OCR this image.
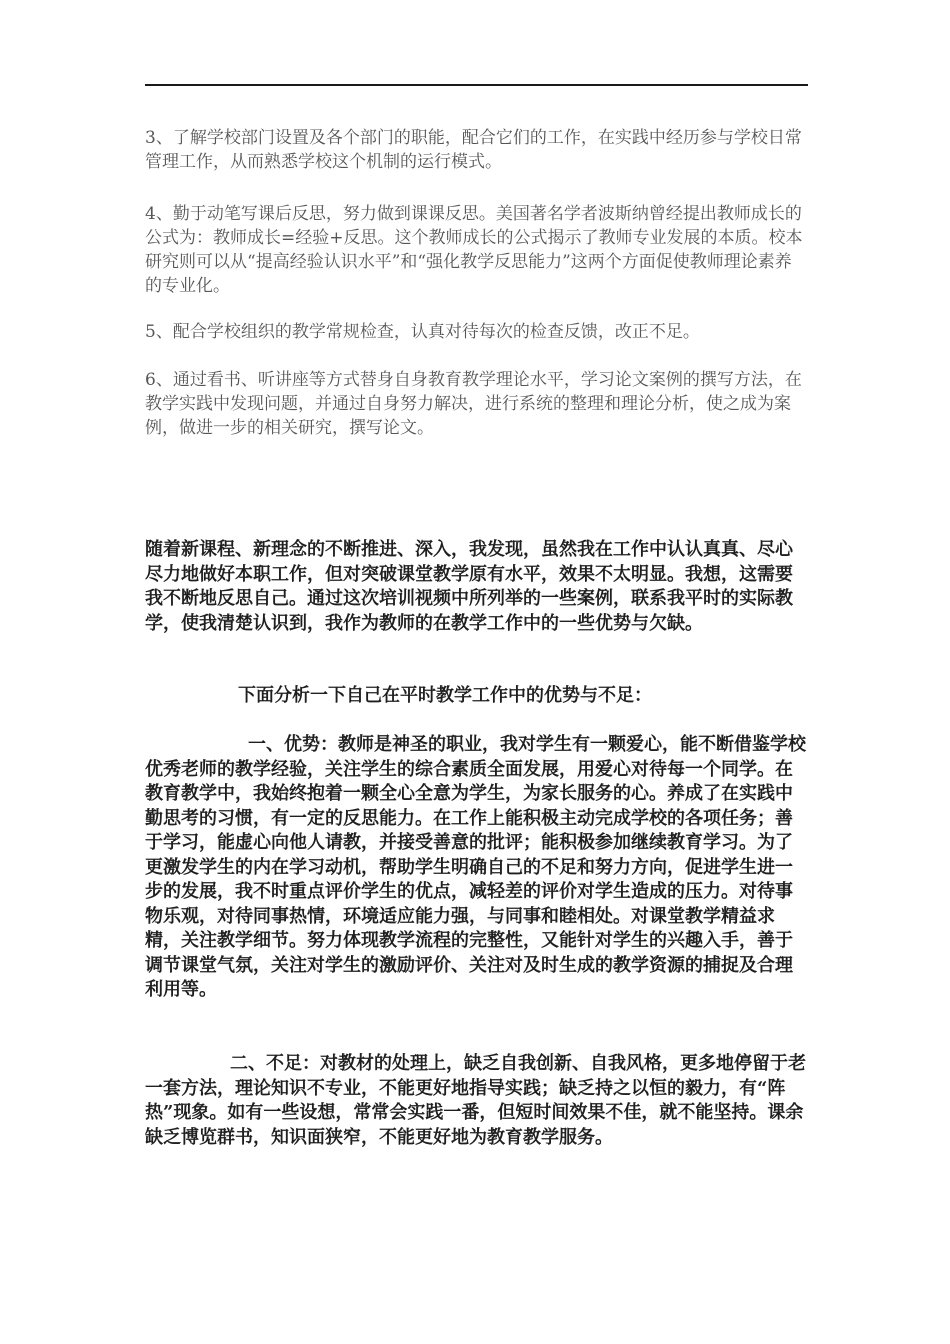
3、了解学校部门设置及各个部门的职能，配合它们的工作，在实践中经历参与学校日常管理工作，从而熟悉学校这个机制的运行模式。

4、勤于动笔写课后反思，努力做到课课反思。美国著名学者波斯纳曾经提出教师成长的公式为：教师成长=经验+反思。这个教师成长的公式揭示了教师专业发展的本质。校本研究则可以从“提高经验认识水平”和“强化教学反思能力”这两个方面促使教师理论素养的专业化。

5、配合学校组织的教学常规检查，认真对待每次的检查反馈，改正不足。

6、通过看书、听讲座等方式替身自身教育教学理论水平，学习论文案例的撰写方法，在教学实践中发现问题，并通过自身努力解决，进行系统的整理和理论分析，使之成为案例，做进一步的相关研究，撰写论文。

随着新课程、新理念的不断推进、深入，我发现，虽然我在工作中认认真真、尽心尽力地做好本职工作，但对突破课堂教学原有水平，效果不太明显。我想，这需要我不断地反思自己。通过这次培训视频中所列举的一些案例，联系我平时的实际教学，使我清楚认识到，我作为教师的在教学工作中的一些优势与欠缺。

下面分析一下自己在平时教学工作中的优势与不足：

一、优势：教师是神圣的职业，我对学生有一颗爱心，能不断借鉴学校优秀老师的教学经验，关注学生的综合素质全面发展，用爱心对待每一个同学。在教育教学中，我始终抱着一颗全心全意为学生，为家长服务的心。养成了在实践中勤思考的习惯，有一定的反思能力。在工作上能积极主动完成学校的各项任务；善于学习，能虚心向他人请教，并接受善意的批评；能积极参加继续教育学习。为了更激发学生的内在学习动机，帮助学生明确自己的不足和努力方向，促进学生进一步的发展，我不时重点评价学生的优点，减轻差的评价对学生造成的压力。对待事物乐观，对待同事热情，环境适应能力强，与同事和睦相处。对课堂教学精益求精，关注教学细节。努力体现教学流程的完整性，又能针对学生的兴趣入手，善于调节课堂气氛，关注对学生的激励评价、关注对及时生成的教学资源的捕捉及合理利用等。

二、不足：对教材的处理上，缺乏自我创新、自我风格，更多地停留于老一套方法，理论知识不专业，不能更好地指导实践；缺乏持之以恒的毅力，有“阵热”现象。如有一些设想，常常会实践一番，但短时间效果不佳，就不能坚持。课余缺乏博览群书，知识面狭窄，不能更好地为教育教学服务。
